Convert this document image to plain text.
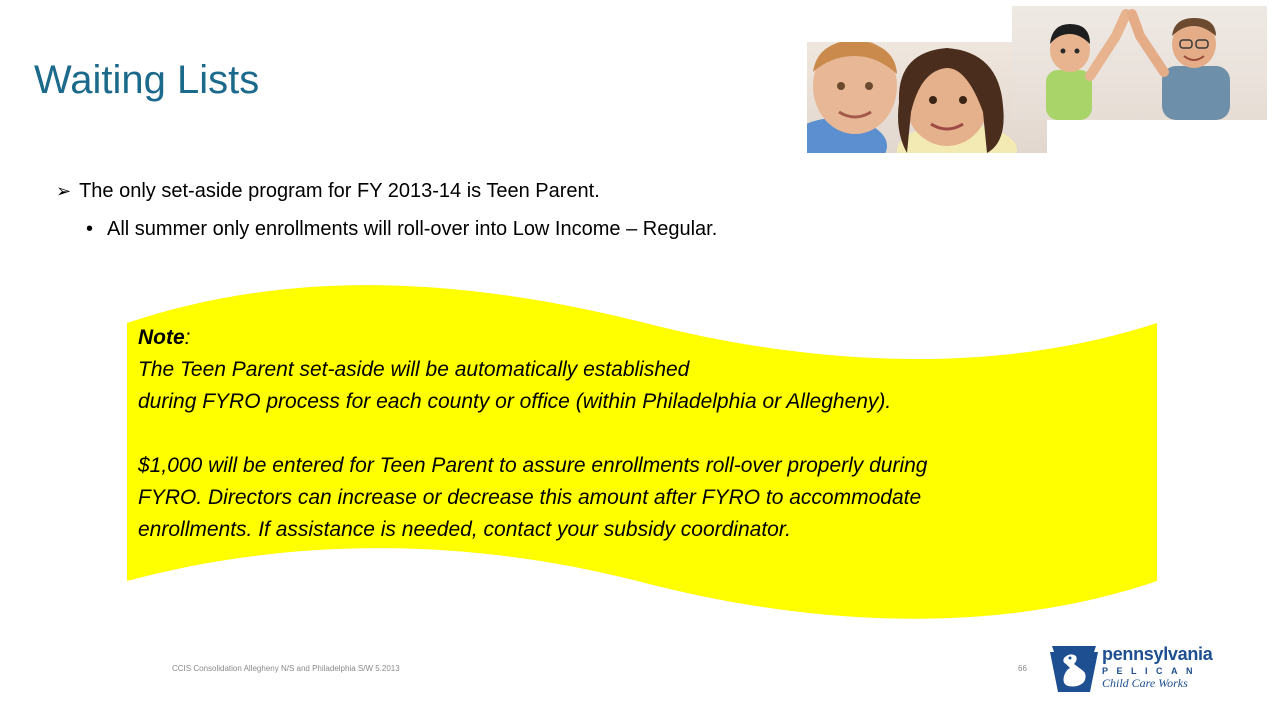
Waiting Lists
➢ The only set-aside program for FY 2013-14 is Teen Parent.
• All summer only enrollments will roll-over into Low Income – Regular.

Note:

The Teen Parent set-aside will be automatically established

during FYRO process for each county or office (within Philadelphia or Allegheny).

$1,000 will be entered for Teen Parent to assure enrollments roll-over properly during

FYRO. Directors can increase or decrease this amount after FYRO to accommodate

enrollments. If assistance is needed, contact your subsidy coordinator.

CCIS Consolidation Allegheny N/S and Philadelphia S/W 5.2013	66
pennsylvania
PELICAN
Child Care Works
